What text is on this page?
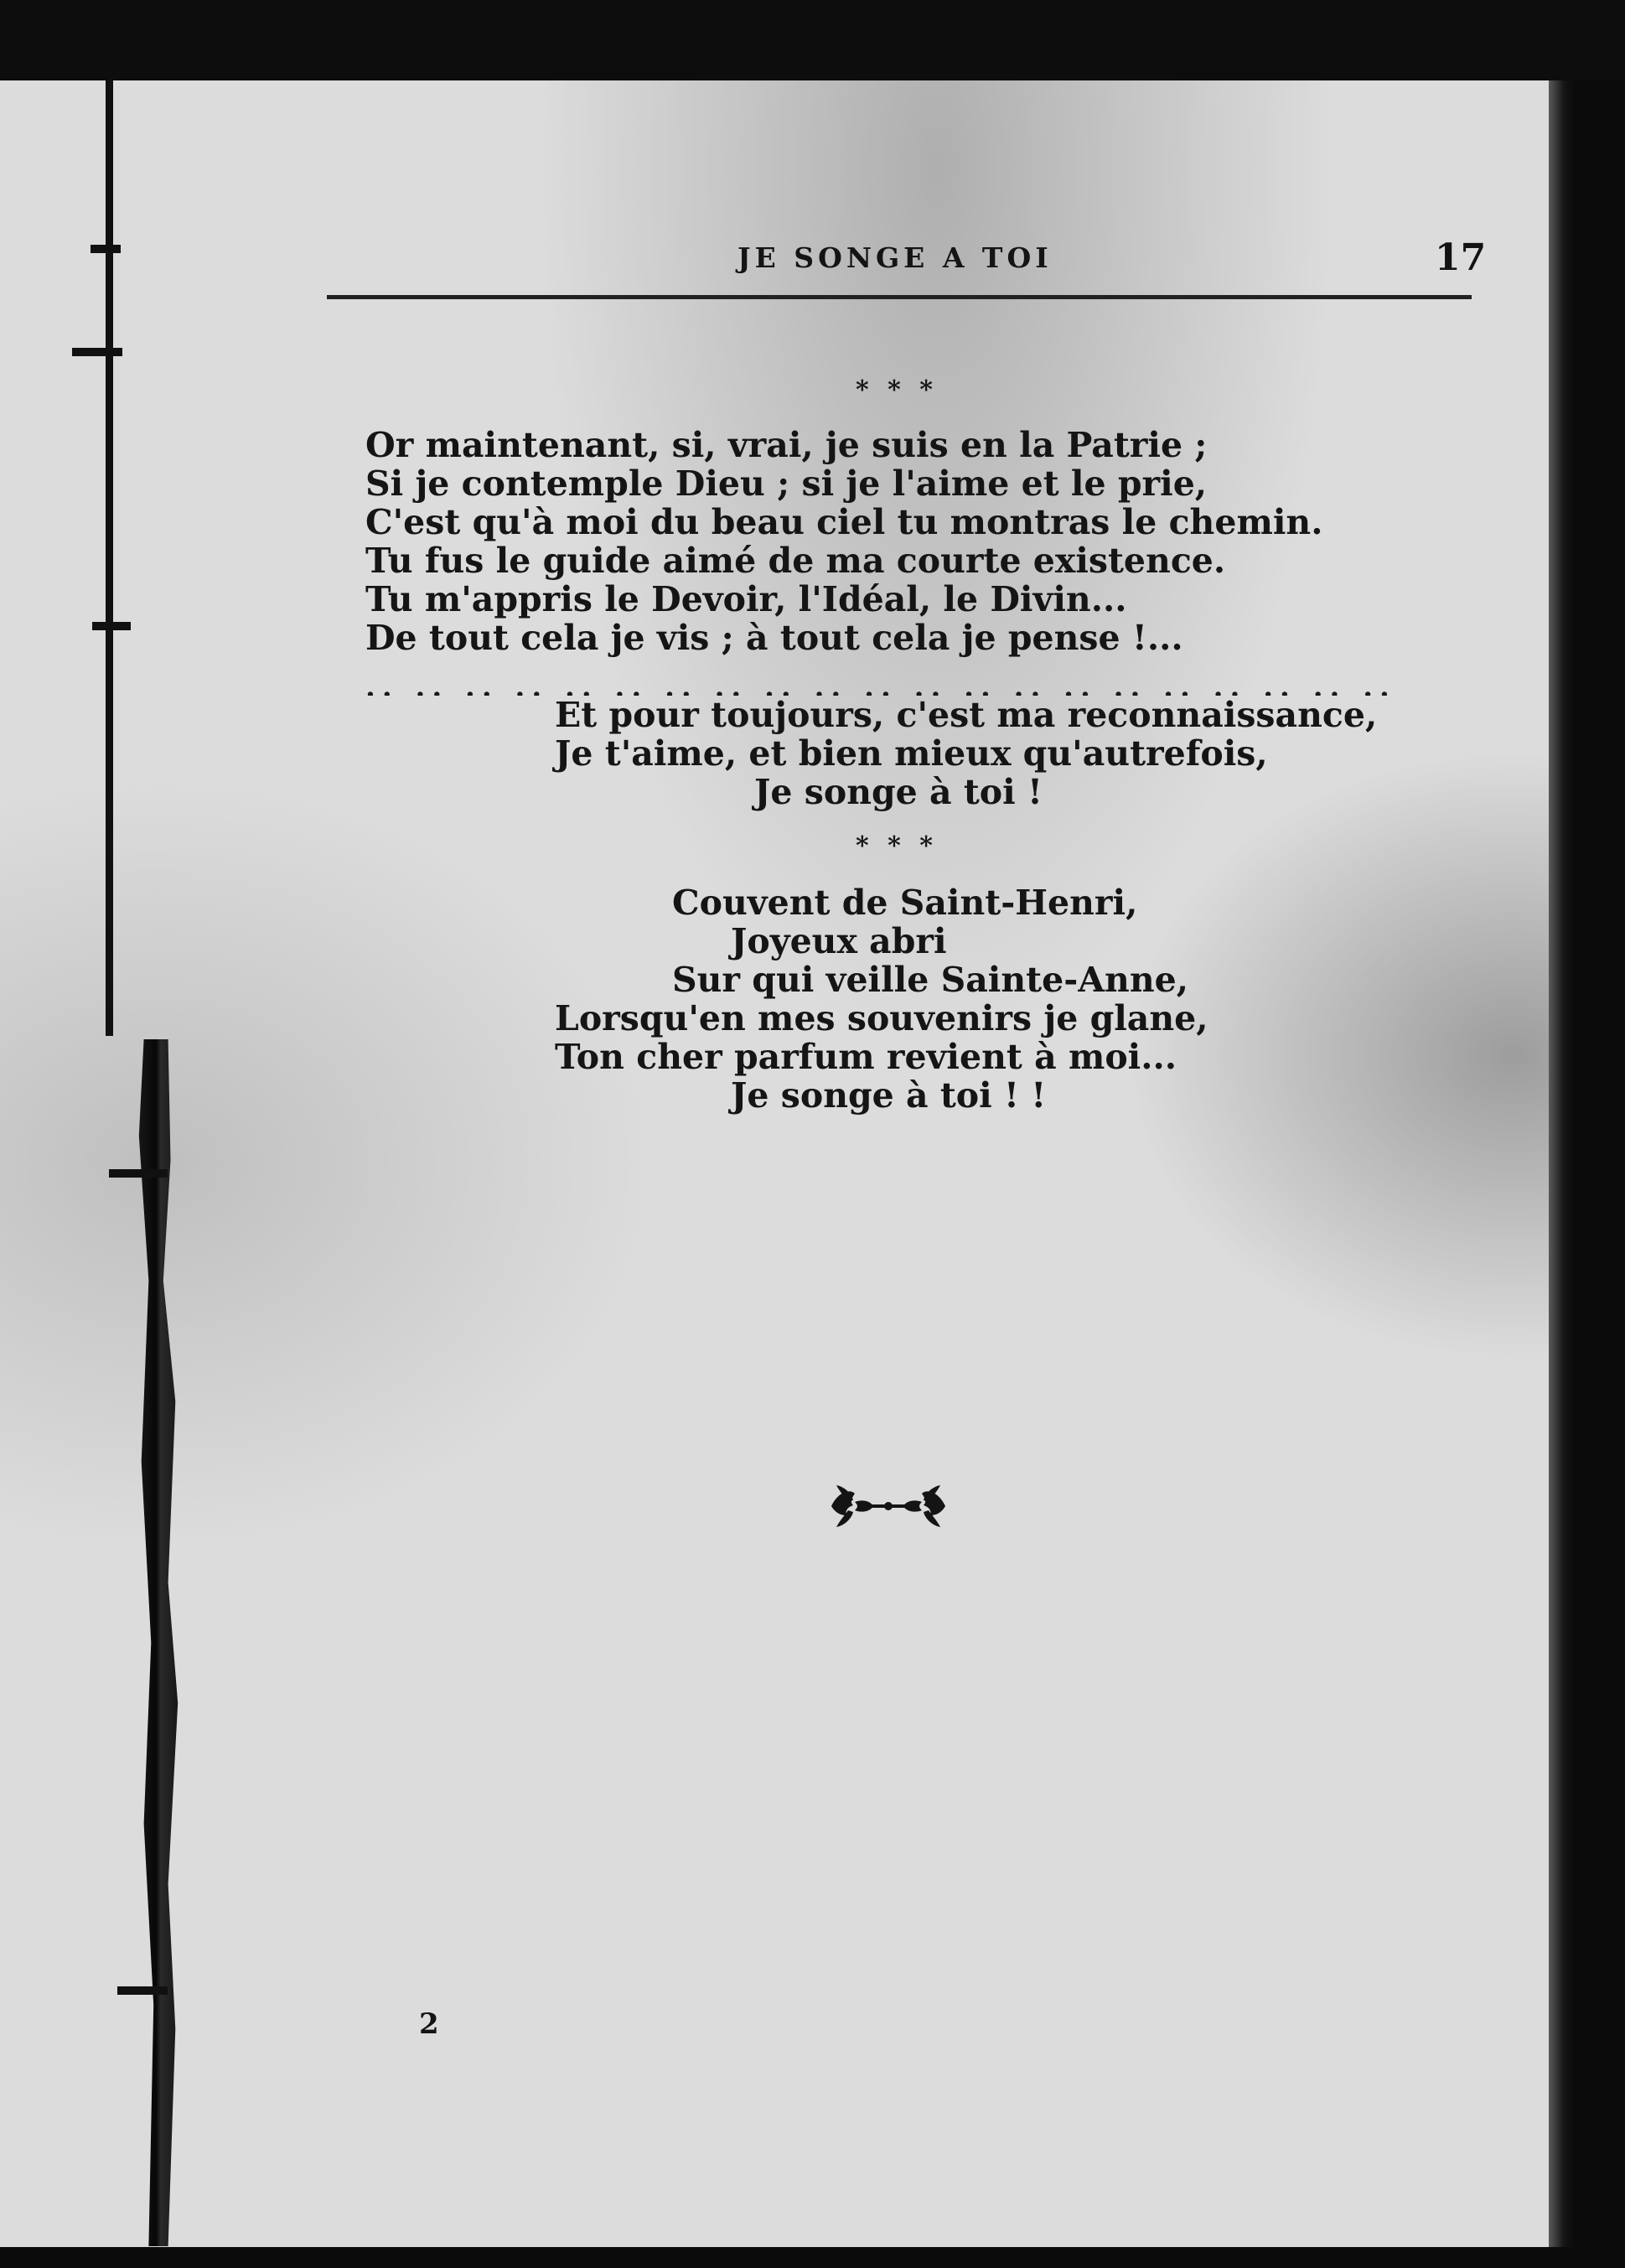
JE SONGE A TOI	17
* * *
Or maintenant, si, vrai, je suis en la Patrie ;
Si je contemple Dieu ; si je l'aime et le prie,
C'est qu'à moi du beau ciel tu montras le chemin.
Tu fus le guide aimé de ma courte existence.
Tu m'appris le Devoir, l'Idéal, le Divin...
De tout cela je vis ; à tout cela je pense !...
.. .. .. .. .. .. .. .. .. .. .. .. .. .. .. .. .. .. .. .. ..
Et pour toujours, c'est ma reconnaissance,
Je t'aime, et bien mieux qu'autrefois,
Je songe à toi !
* * *
Couvent de Saint-Henri,
Joyeux abri
Sur qui veille Sainte-Anne,
Lorsqu'en mes souvenirs je glane,
Ton cher parfum revient à moi...
Je songe à toi ! !
2
